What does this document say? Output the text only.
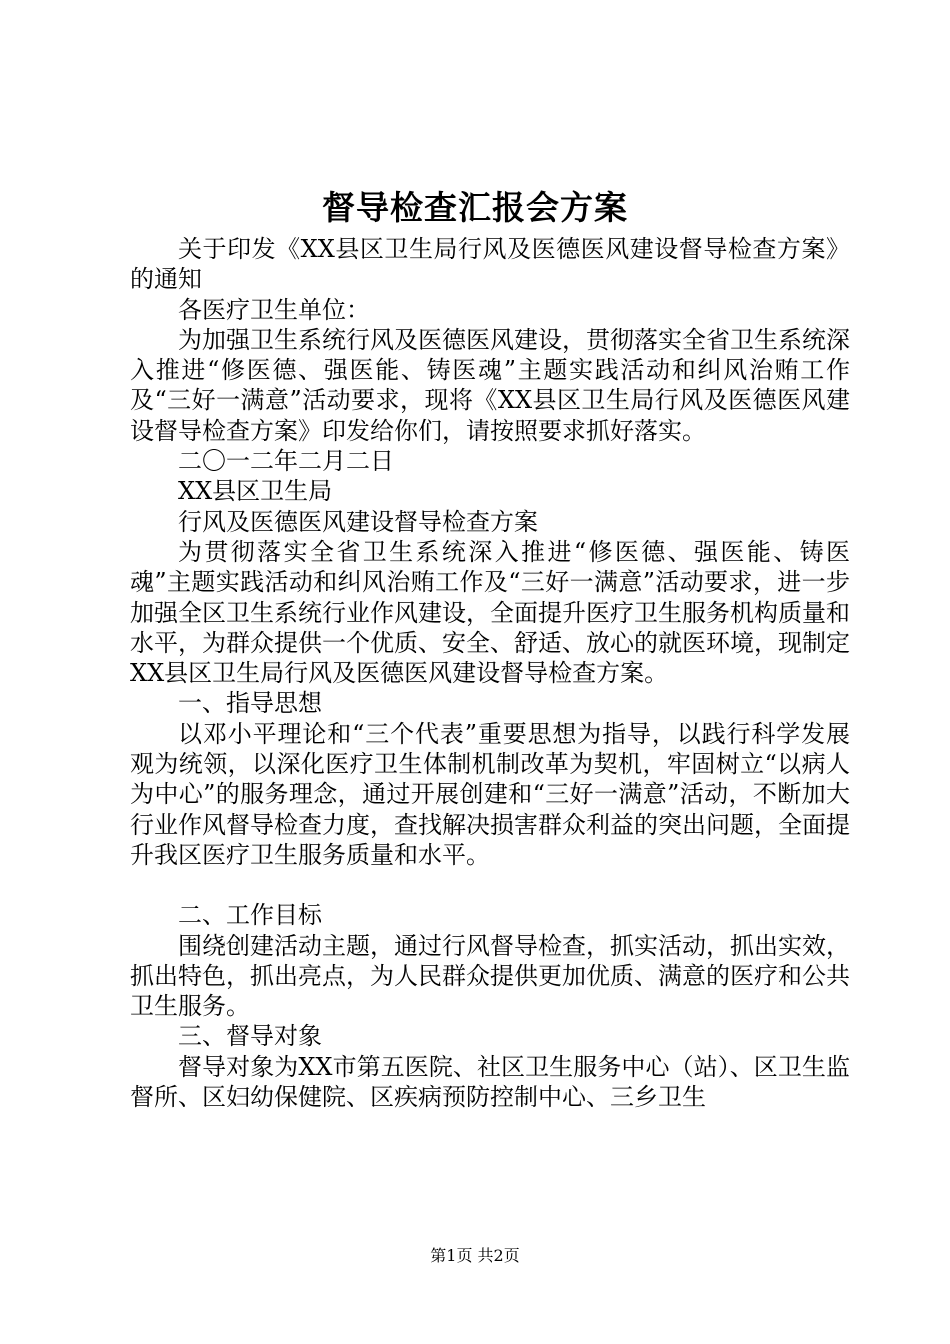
督导检查汇报会方案

关于印发《XX县区卫生局行风及医德医风建设督导检查方案》的通知

各医疗卫生单位：

为加强卫生系统行风及医德医风建设，贯彻落实全省卫生系统深入推进“修医德、强医能、铸医魂”主题实践活动和纠风治贿工作及“三好一满意”活动要求，现将《XX县区卫生局行风及医德医风建设督导检查方案》印发给你们，请按照要求抓好落实。

二〇一二年二月二日

XX县区卫生局

行风及医德医风建设督导检查方案

为贯彻落实全省卫生系统深入推进“修医德、强医能、铸医魂”主题实践活动和纠风治贿工作及“三好一满意”活动要求，进一步加强全区卫生系统行业作风建设，全面提升医疗卫生服务机构质量和水平，为群众提供一个优质、安全、舒适、放心的就医环境，现制定XX县区卫生局行风及医德医风建设督导检查方案。

一、指导思想

以邓小平理论和“三个代表”重要思想为指导，以践行科学发展观为统领，以深化医疗卫生体制机制改革为契机，牢固树立“以病人为中心”的服务理念，通过开展创建和“三好一满意”活动，不断加大行业作风督导检查力度，查找解决损害群众利益的突出问题，全面提升我区医疗卫生服务质量和水平。

二、工作目标

围绕创建活动主题，通过行风督导检查，抓实活动，抓出实效，抓出特色，抓出亮点，为人民群众提供更加优质、满意的医疗和公共卫生服务。

三、督导对象

督导对象为XX市第五医院、社区卫生服务中心（站）、区卫生监督所、区妇幼保健院、区疾病预防控制中心、三乡卫生

第1页 共2页
